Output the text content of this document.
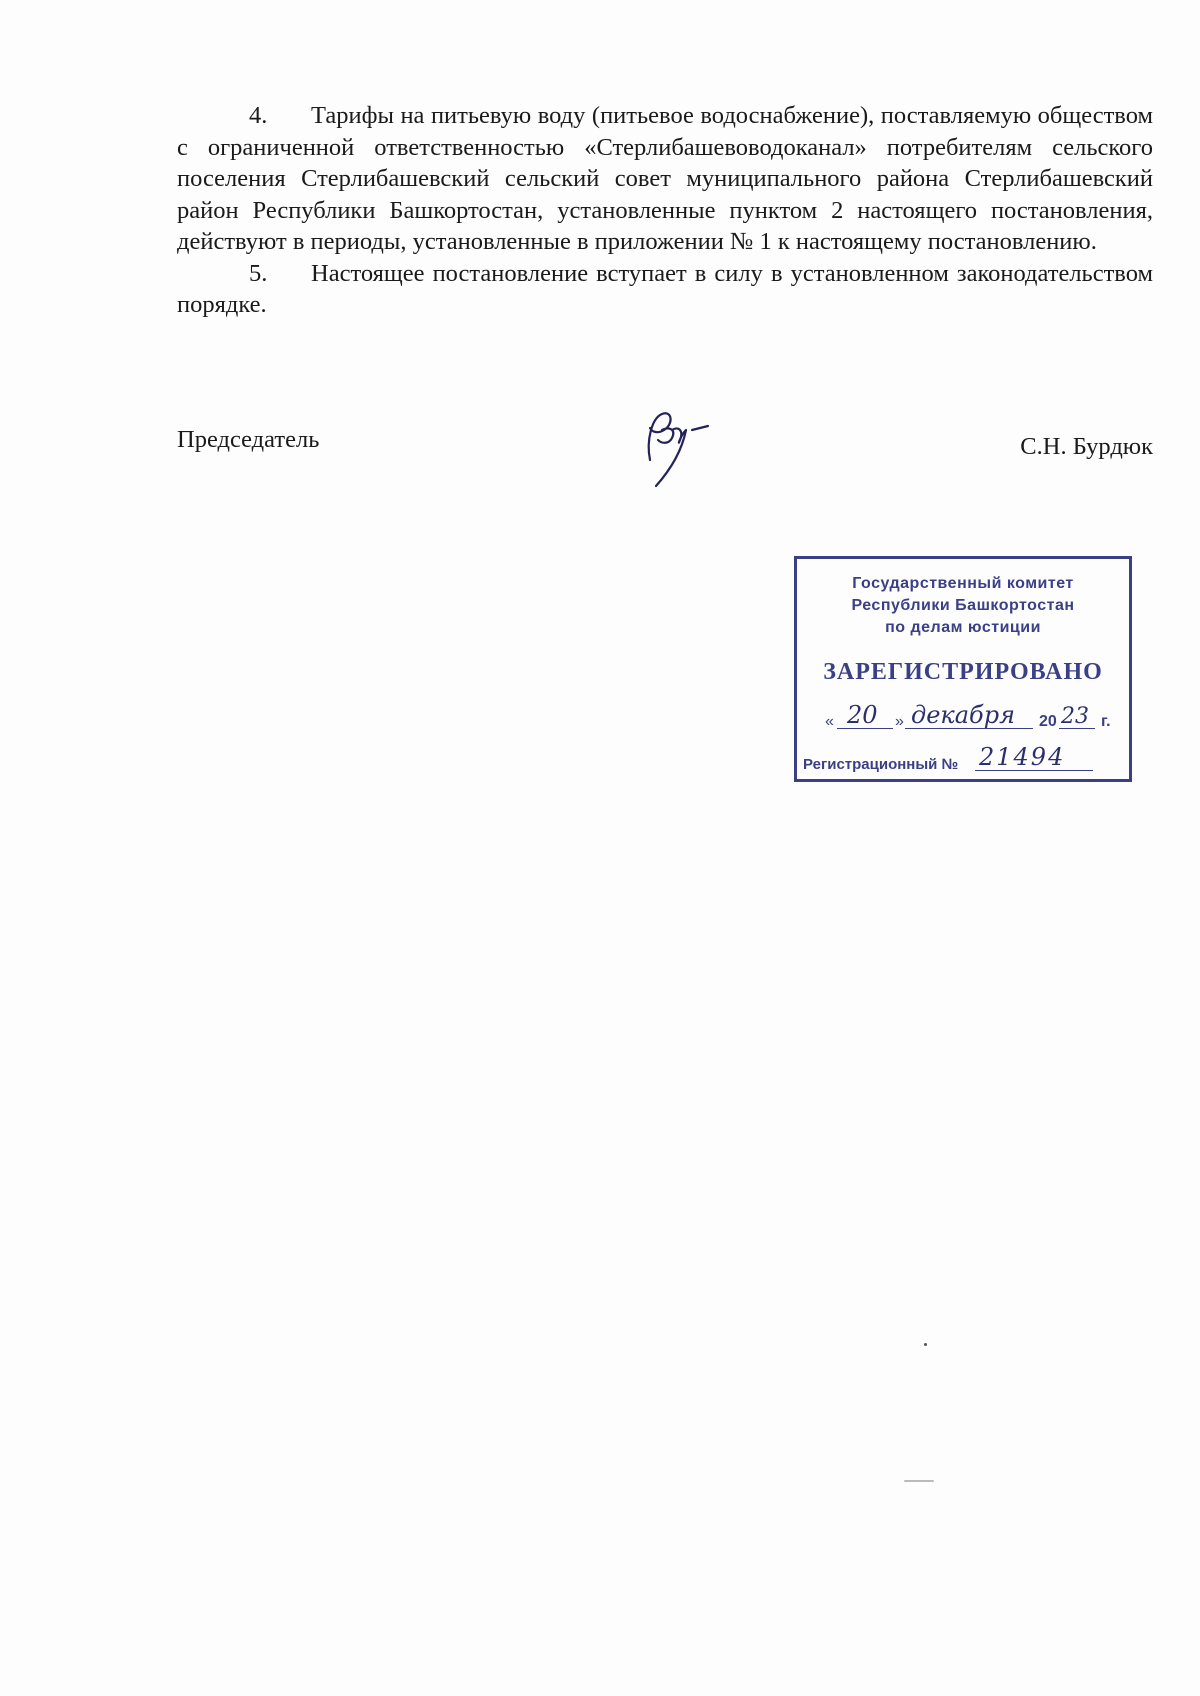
4. Тарифы на питьевую воду (питьевое водоснабжение), поставляемую обществом с ограниченной ответственностью «Стерлибашевоводоканал» потребителям сельского поселения Стерлибашевский сельский совет муниципального района Стерлибашевский район Республики Башкортостан, установленные пунктом 2 настоящего постановления, действуют в периоды, установленные в приложении № 1 к настоящему постановлению.

5. Настоящее постановление вступает в силу в установленном законодательством порядке.

Председатель	С.Н. Бурдюк
Государственный комитет
Республики Башкортостан
по делам юстиции
ЗАРЕГИСТРИРОВАНО
« 20 » декабря 20 23 г.
Регистрационный № 21494
